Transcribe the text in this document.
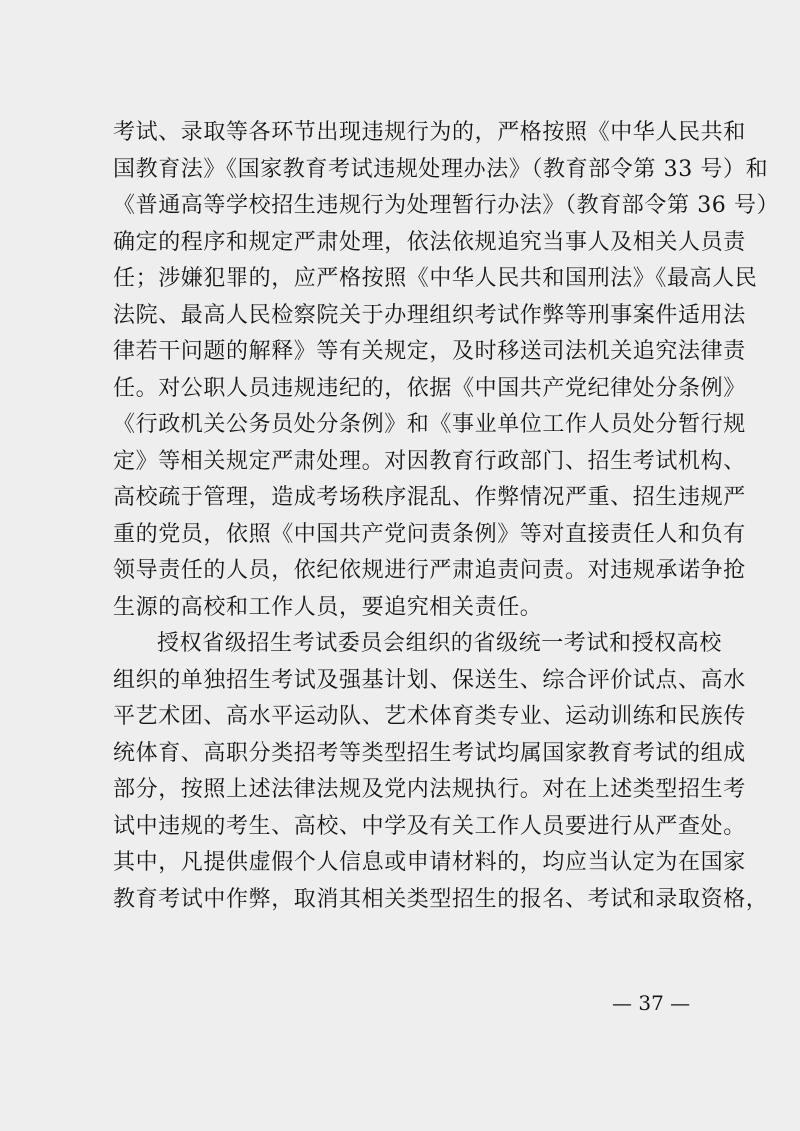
考试、录取等各环节出现违规行为的，严格按照《中华人民共和
国教育法》《国家教育考试违规处理办法》（教育部令第 33 号）和
《普通高等学校招生违规行为处理暂行办法》（教育部令第 36 号）
确定的程序和规定严肃处理，依法依规追究当事人及相关人员责
任；涉嫌犯罪的，应严格按照《中华人民共和国刑法》《最高人民
法院、最高人民检察院关于办理组织考试作弊等刑事案件适用法
律若干问题的解释》等有关规定，及时移送司法机关追究法律责
任。对公职人员违规违纪的，依据《中国共产党纪律处分条例》
《行政机关公务员处分条例》和《事业单位工作人员处分暂行规
定》等相关规定严肃处理。对因教育行政部门、招生考试机构、
高校疏于管理，造成考场秩序混乱、作弊情况严重、招生违规严
重的党员，依照《中国共产党问责条例》等对直接责任人和负有
领导责任的人员，依纪依规进行严肃追责问责。对违规承诺争抢
生源的高校和工作人员，要追究相关责任。
授权省级招生考试委员会组织的省级统一考试和授权高校
组织的单独招生考试及强基计划、保送生、综合评价试点、高水
平艺术团、高水平运动队、艺术体育类专业、运动训练和民族传
统体育、高职分类招考等类型招生考试均属国家教育考试的组成
部分，按照上述法律法规及党内法规执行。对在上述类型招生考
试中违规的考生、高校、中学及有关工作人员要进行从严查处。
其中，凡提供虚假个人信息或申请材料的，均应当认定为在国家
教育考试中作弊，取消其相关类型招生的报名、考试和录取资格，
— 37 —
